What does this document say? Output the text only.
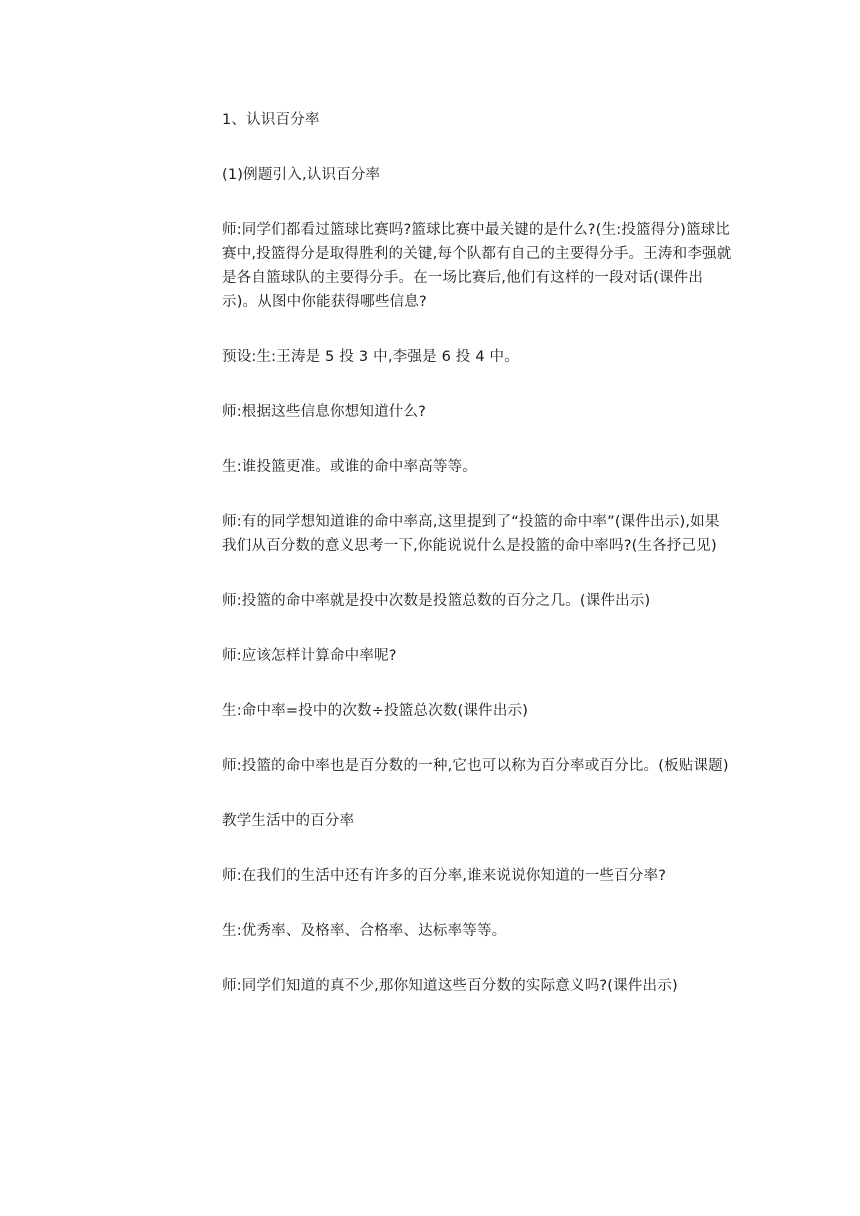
1、认识百分率

(1)例题引入,认识百分率

师:同学们都看过篮球比赛吗?篮球比赛中最关键的是什么?(生:投篮得分)篮球比赛中,投篮得分是取得胜利的关键,每个队都有自己的主要得分手。王涛和李强就是各自篮球队的主要得分手。在一场比赛后,他们有这样的一段对话(课件出示)。从图中你能获得哪些信息?

预设:生:王涛是 5 投 3 中,李强是 6 投 4 中。

师:根据这些信息你想知道什么?

生:谁投篮更准。或谁的命中率高等等。

师:有的同学想知道谁的命中率高,这里提到了“投篮的命中率”(课件出示),如果我们从百分数的意义思考一下,你能说说什么是投篮的命中率吗?(生各抒己见)

师:投篮的命中率就是投中次数是投篮总数的百分之几。(课件出示)

师:应该怎样计算命中率呢?

生:命中率=投中的次数÷投篮总次数(课件出示)

师:投篮的命中率也是百分数的一种,它也可以称为百分率或百分比。(板贴课题)

教学生活中的百分率

师:在我们的生活中还有许多的百分率,谁来说说你知道的一些百分率?

生:优秀率、及格率、合格率、达标率等等。

师:同学们知道的真不少,那你知道这些百分数的实际意义吗?(课件出示)
